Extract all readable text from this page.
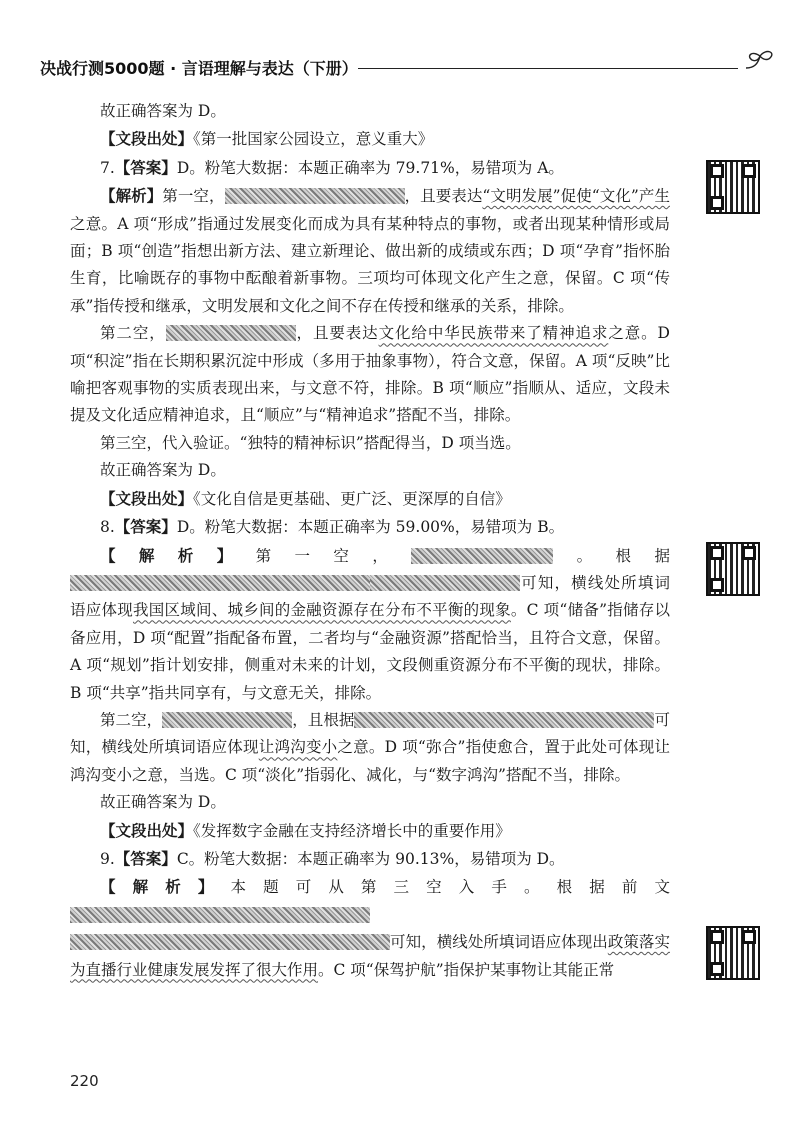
决战行测5000题 · 言语理解与表达（下册）

故正确答案为 D。

【文段出处】《第一批国家公园设立，意义重大》

7.【答案】D。粉笔大数据：本题正确率为 79.71%，易错项为 A。

【解析】第一空，	，且要表达“文明发展”促使“文化”产生之意。A 项“形成”指通过发展变化而成为具有某种特点的事物，或者出现某种情形或局面；B 项“创造”指想出新方法、建立新理论、做出新的成绩或东西；D 项“孕育”指怀胎生育，比喻既存的事物中酝酿着新事物。三项均可体现文化产生之意，保留。C 项“传承”指传授和继承，文明发展和文化之间不存在传授和继承的关系，排除。

第二空，	，且要表达文化给中华民族带来了精神追求之意。D 项“积淀”指在长期积累沉淀中形成（多用于抽象事物），符合文意，保留。A 项“反映”比喻把客观事物的实质表现出来，与文意不符，排除。B 项“顺应”指顺从、适应，文段未提及文化适应精神追求，且“顺应”与“精神追求”搭配不当，排除。

第三空，代入验证。“独特的精神标识”搭配得当，D 项当选。

故正确答案为 D。

【文段出处】《文化自信是更基础、更广泛、更深厚的自信》

8.【答案】D。粉笔大数据：本题正确率为 59.00%，易错项为 B。

【解析】第一空，	。根据可知，横线处所填词语应体现我国区域间、城乡间的金融资源存在分布不平衡的现象。C 项“储备”指储存以备应用，D 项“配置”指配备布置，二者均与“金融资源”搭配恰当，且符合文意，保留。A 项“规划”指计划安排，侧重对未来的计划，文段侧重资源分布不平衡的现状，排除。B 项“共享”指共同享有，与文意无关，排除。

第二空，	，且根据	可知，横线处所填词语应体现让鸿沟变小之意。D 项“弥合”指使愈合，置于此处可体现让鸿沟变小之意，当选。C 项“淡化”指弱化、减化，与“数字鸿沟”搭配不当，排除。

故正确答案为 D。

【文段出处】《发挥数字金融在支持经济增长中的重要作用》

9.【答案】C。粉笔大数据：本题正确率为 90.13%，易错项为 D。

【解析】本题可从第三空入手。根据前文可知，横线处所填词语应体现出政策落实为直播行业健康发展发挥了很大作用。C 项“保驾护航”指保护某事物让其能正常

220
